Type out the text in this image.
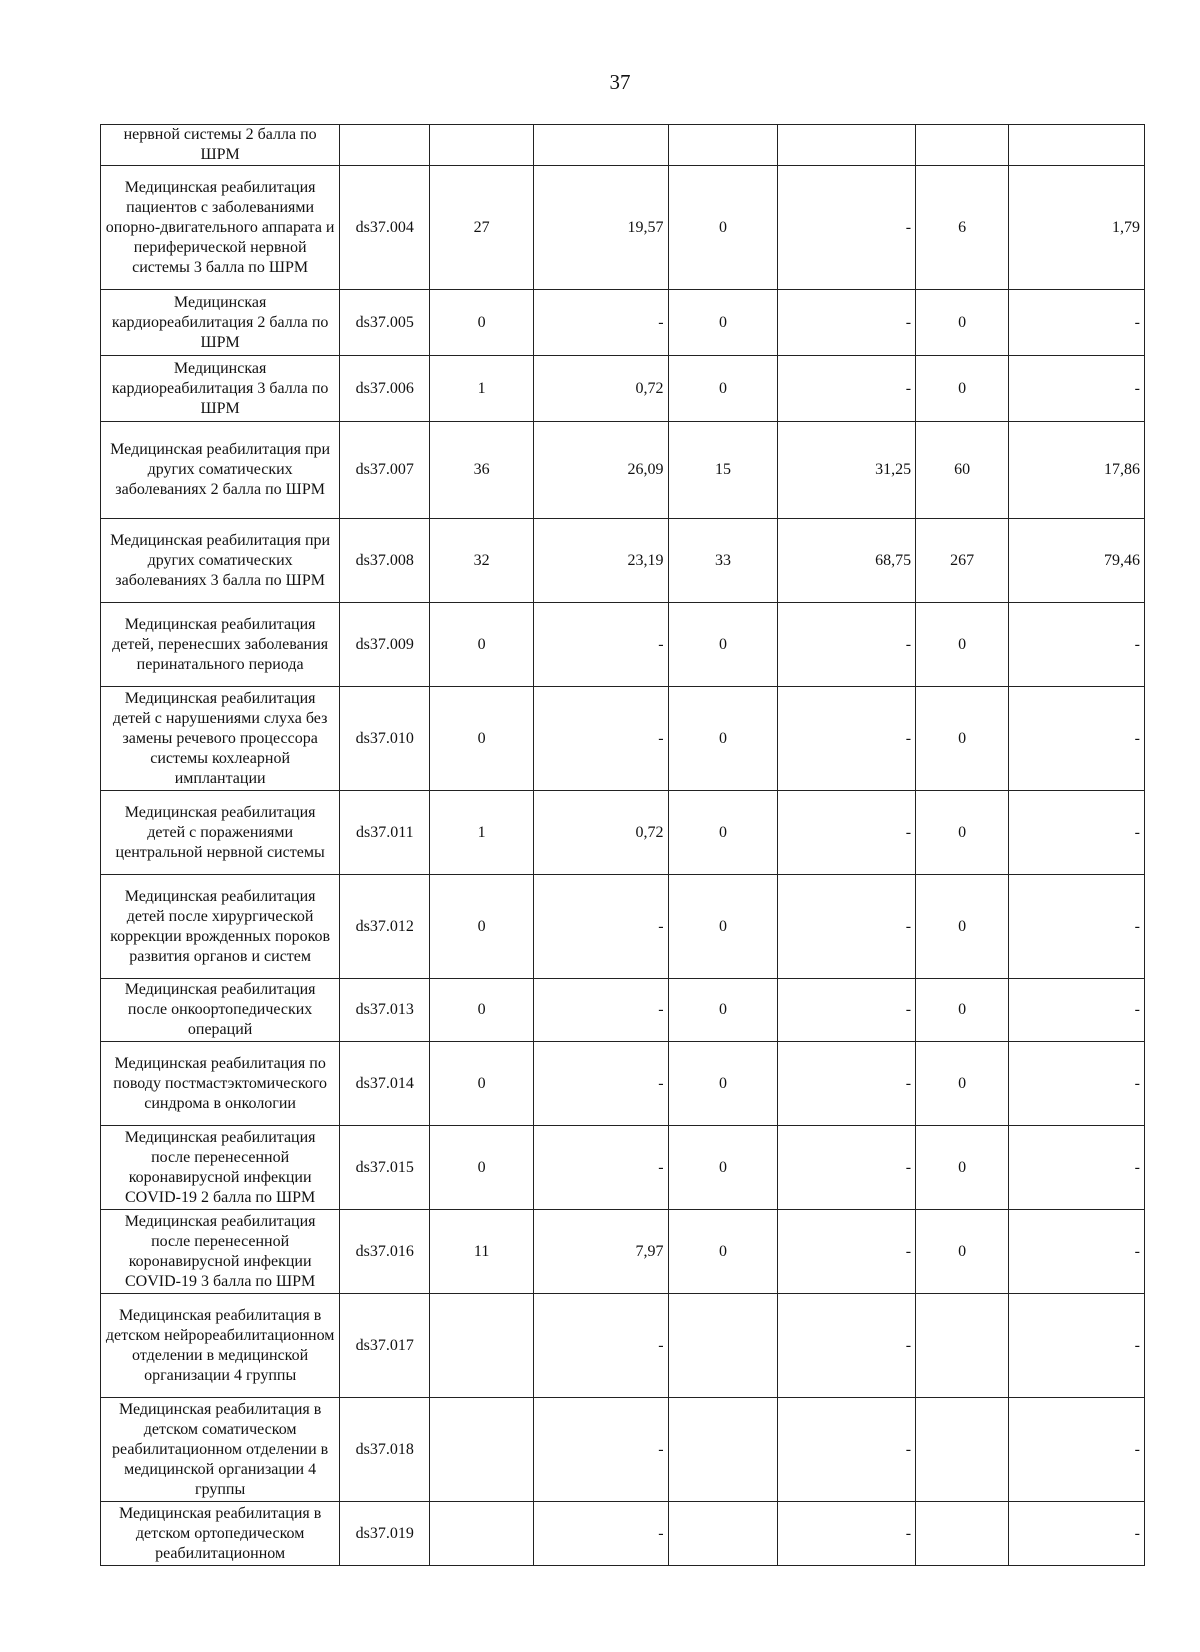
37
нервной системы 2 балла по ШРМ							
Медицинская реабилитация пациентов с заболеваниями опорно-двигательного аппарата и периферической нервной системы 3 балла по ШРМ	ds37.004	27	19,57	0	-	6	1,79
Медицинская кардиореабилитация 2 балла по ШРМ	ds37.005	0	-	0	-	0	-
Медицинская кардиореабилитация 3 балла по ШРМ	ds37.006	1	0,72	0	-	0	-
Медицинская реабилитация при других соматических заболеваниях 2 балла по ШРМ	ds37.007	36	26,09	15	31,25	60	17,86
Медицинская реабилитация при других соматических заболеваниях 3 балла по ШРМ	ds37.008	32	23,19	33	68,75	267	79,46
Медицинская реабилитация детей, перенесших заболевания перинатального периода	ds37.009	0	-	0	-	0	-
Медицинская реабилитация детей с нарушениями слуха без замены речевого процессора системы кохлеарной имплантации	ds37.010	0	-	0	-	0	-
Медицинская реабилитация детей с поражениями центральной нервной системы	ds37.011	1	0,72	0	-	0	-
Медицинская реабилитация детей после хирургической коррекции врожденных пороков развития органов и систем	ds37.012	0	-	0	-	0	-
Медицинская реабилитация после онкоортопедических операций	ds37.013	0	-	0	-	0	-
Медицинская реабилитация по поводу постмастэктомического синдрома в онкологии	ds37.014	0	-	0	-	0	-
Медицинская реабилитация после перенесенной коронавирусной инфекции COVID-19 2 балла по ШРМ	ds37.015	0	-	0	-	0	-
Медицинская реабилитация после перенесенной коронавирусной инфекции COVID-19 3 балла по ШРМ	ds37.016	11	7,97	0	-	0	-
Медицинская реабилитация в детском нейрореабилитационном отделении в медицинской организации 4 группы	ds37.017		-		-		-
Медицинская реабилитация в детском соматическом реабилитационном отделении в медицинской организации 4 группы	ds37.018		-		-		-
Медицинская реабилитация в детском ортопедическом реабилитационном	ds37.019		-		-		-
